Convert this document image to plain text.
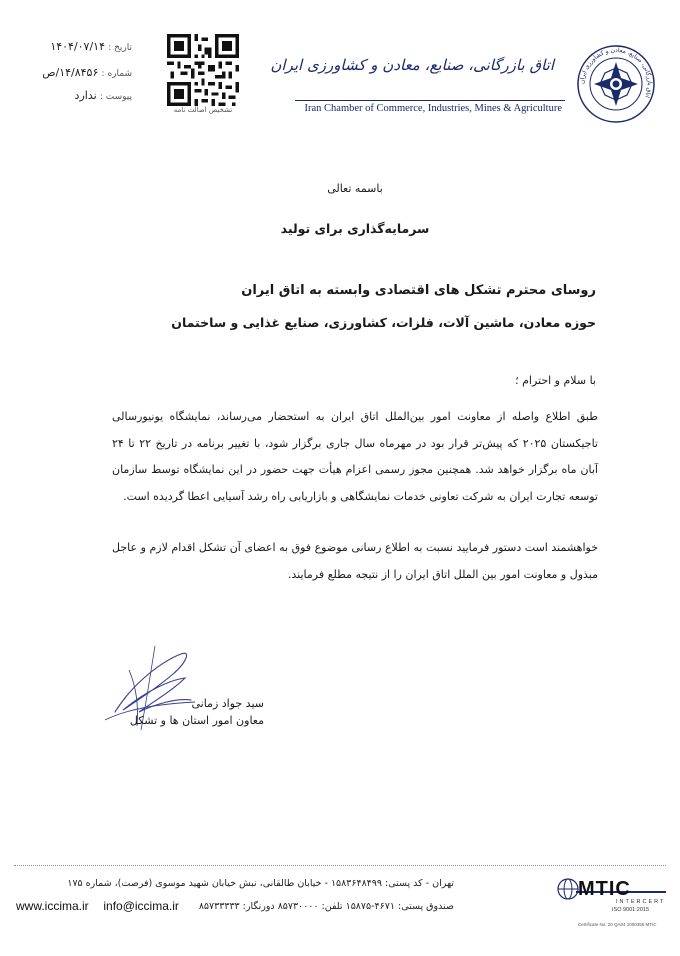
تاریخ : ۱۴۰۴/۰۷/۱۴
شماره : ۱۴/۸۴۵۶/ص
پیوست : ندارد
تشخیص اصالت نامه
اتاق بازرگانی، صنایع، معادن و کشاورزی ایران
Iran Chamber of Commerce, Industries, Mines & Agriculture
اتاق بازرگانی، صنایع، معادن و کشاورزی ایران
باسمه تعالی
سرمایه‌گذاری برای تولید
روسای محترم تشکل های اقتصادی وابسته به اتاق ایران
حوزه معادن، ماشین آلات، فلزات، کشاورزی، صنایع غذایی و ساختمان
با سلام و احترام ؛
طبق اطلاع واصله از معاونت امور بین‌الملل اتاق ایران به استحضار می‌رساند، نمایشگاه یونیورسالی تاجیکستان ۲۰۲۵ که پیش‌تر قرار بود در مهرماه سال جاری برگزار شود، با تغییر برنامه در تاریخ ۲۲ تا ۲۴ آبان ماه برگزار خواهد شد. همچنین مجوز رسمی اعزام هیأت جهت حضور در این نمایشگاه توسط سازمان توسعه تجارت ایران به شرکت تعاونی خدمات نمایشگاهی و بازاریابی راه رشد آسیایی اعطا گردیده است.
خواهشمند است دستور فرمایید نسبت به اطلاع رسانی موضوع فوق به اعضای آن تشکل اقدام لازم و عاجل مبذول و معاونت امور بین الملل اتاق ایران را از نتیجه مطلع فرمایند.
سید جواد زمانی
معاون امور استان ها و تشکل
تهران - کد پستی: ۱۵۸۳۶۴۸۴۹۹ - خیابان طالقانی، نبش خیابان شهید موسوی (فرصت)، شماره ۱۷۵
صندوق پستی: ۴۶۷۱-۱۵۸۷۵ تلفن: ۸۵۷۳۰۰۰۰ دورنگار: ۸۵۷۳۳۳۳۳
www.iccima.ir info@iccima.ir
MTIC
INTERCERT
ISO 9001:2015
Certificate No: 20 QA04 1000355 MTIC
